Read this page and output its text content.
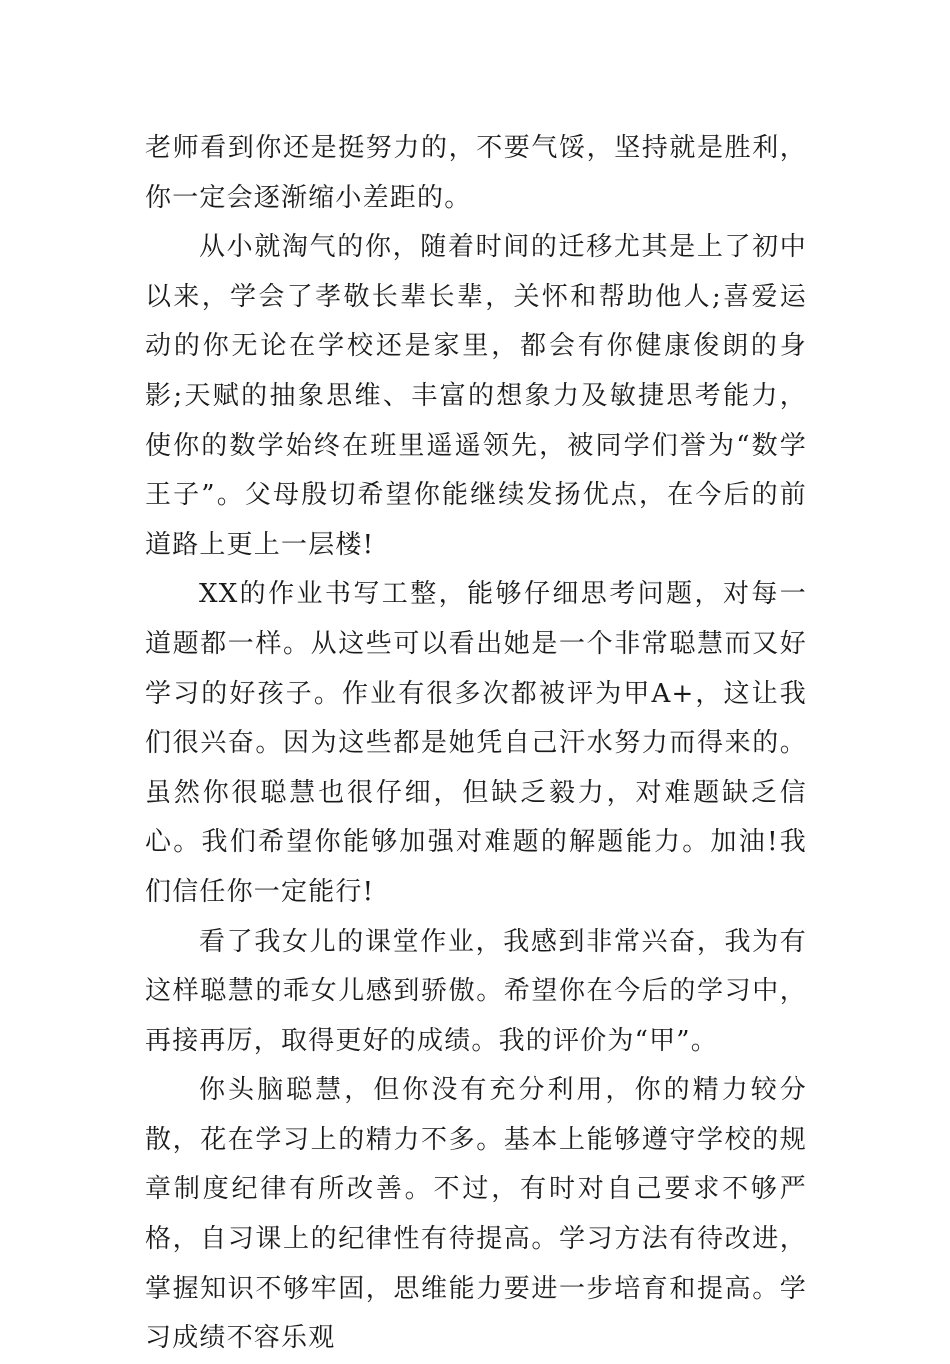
老师看到你还是挺努力的，不要气馁，坚持就是胜利，你一定会逐渐缩小差距的。

从小就淘气的你，随着时间的迁移尤其是上了初中以来，学会了孝敬长辈长辈，关怀和帮助他人;喜爱运动的你无论在学校还是家里，都会有你健康俊朗的身影;天赋的抽象思维、丰富的想象力及敏捷思考能力，使你的数学始终在班里遥遥领先，被同学们誉为“数学王子”。父母殷切希望你能继续发扬优点，在今后的前道路上更上一层楼!

XX的作业书写工整，能够仔细思考问题，对每一道题都一样。从这些可以看出她是一个非常聪慧而又好学习的好孩子。作业有很多次都被评为甲A+，这让我们很兴奋。因为这些都是她凭自己汗水努力而得来的。虽然你很聪慧也很仔细，但缺乏毅力，对难题缺乏信心。我们希望你能够加强对难题的解题能力。加油!我们信任你一定能行!

看了我女儿的课堂作业，我感到非常兴奋，我为有这样聪慧的乖女儿感到骄傲。希望你在今后的学习中，再接再厉，取得更好的成绩。我的评价为“甲”。

你头脑聪慧，但你没有充分利用，你的精力较分散，花在学习上的精力不多。基本上能够遵守学校的规章制度纪律有所改善。不过，有时对自己要求不够严格，自习课上的纪律性有待提高。学习方法有待改进，掌握知识不够牢固，思维能力要进一步培育和提高。学习成绩不容乐观
